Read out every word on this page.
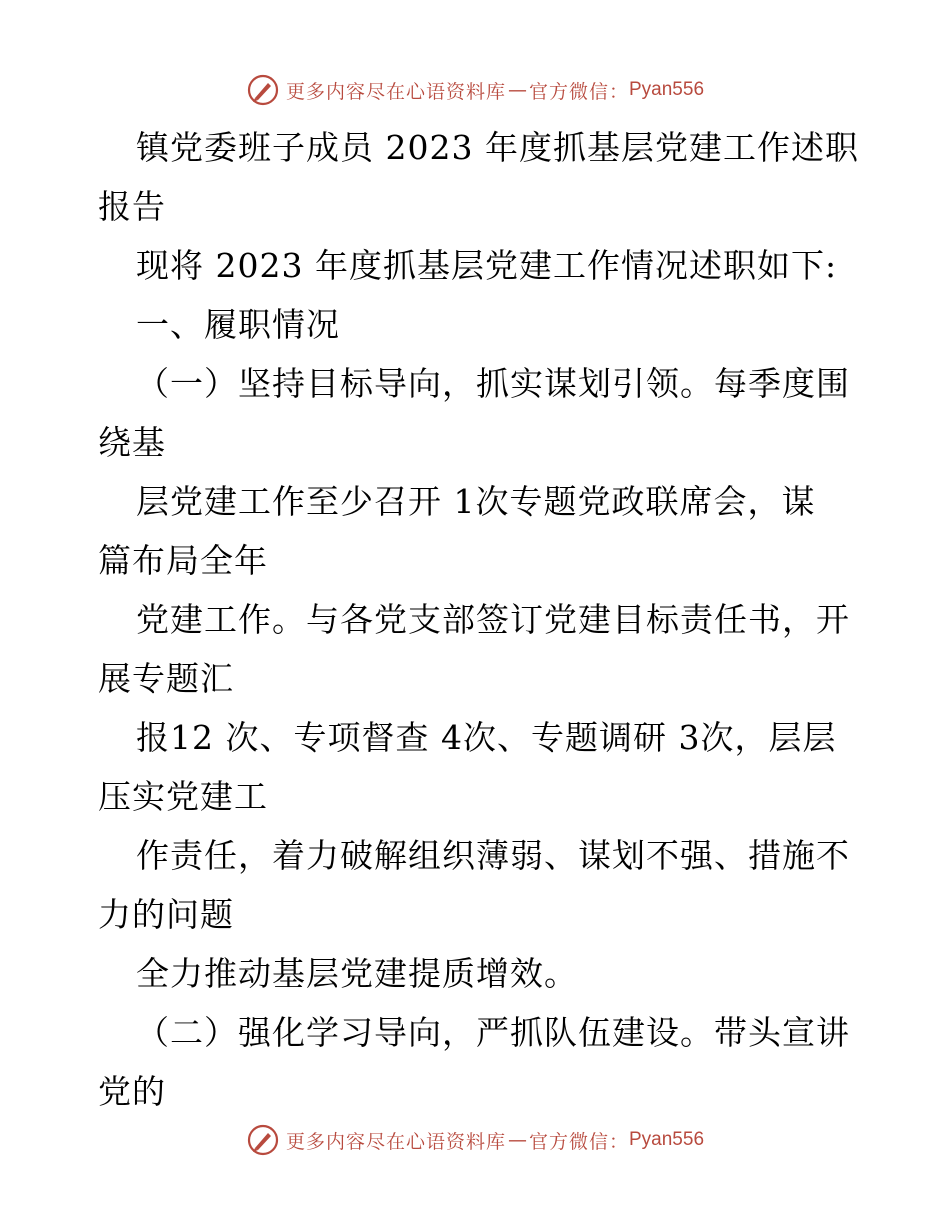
更多内容尽在心语资料库 — 官方微信： Pyan556
镇党委班子成员 2023 年度抓基层党建工作述职
报告
现将 2023 年度抓基层党建工作情况述职如下:
一、履职情况
（一）坚持目标导向，抓实谋划引领。每季度围
绕基
层党建工作至少召开 1次专题党政联席会，谋
篇布局全年
党建工作。与各党支部签订党建目标责任书，开
展专题汇
报12 次、专项督查 4次、专题调研 3次，层层
压实党建工
作责任，着力破解组织薄弱、谋划不强、措施不
力的问题
全力推动基层党建提质增效。
（二）强化学习导向，严抓队伍建设。带头宣讲
党的
更多内容尽在心语资料库 — 官方微信： Pyan556
